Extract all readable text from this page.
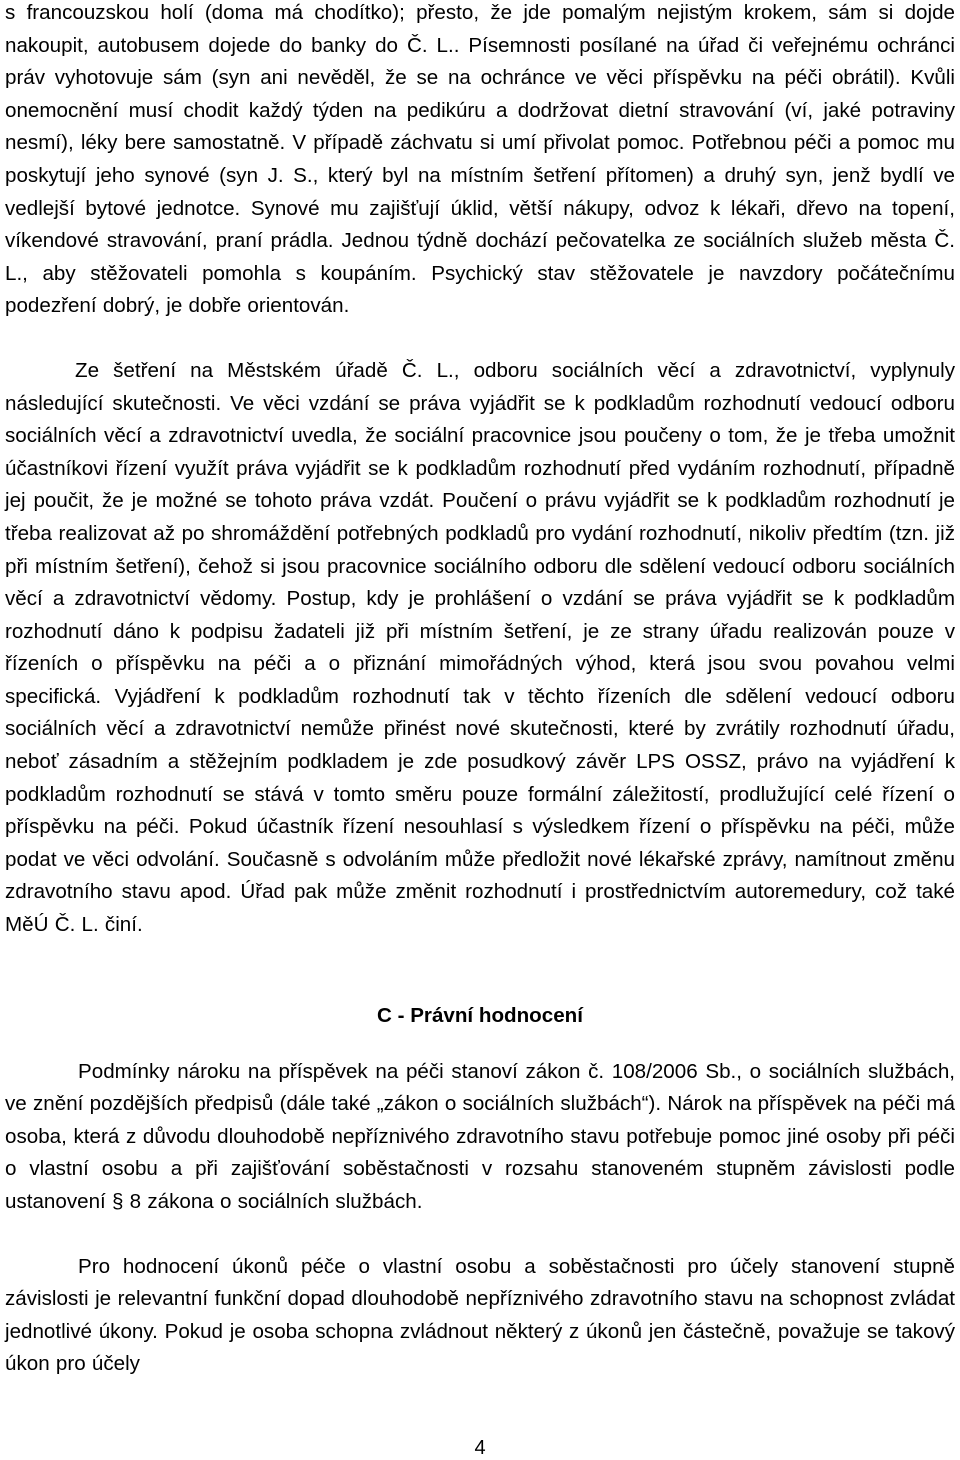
s francouzskou holí (doma má chodítko); přesto, že jde pomalým nejistým krokem, sám si dojde nakoupit, autobusem dojede do banky do Č. L.. Písemnosti posílané na úřad či veřejnému ochránci práv vyhotovuje sám (syn ani nevěděl, že se na ochránce ve věci příspěvku na péči obrátil). Kvůli onemocnění musí chodit každý týden na pedikúru a dodržovat dietní stravování (ví, jaké potraviny nesmí), léky bere samostatně. V případě záchvatu si umí přivolat pomoc. Potřebnou péči a pomoc mu poskytují jeho synové (syn J. S., který byl na místním šetření přítomen) a druhý syn, jenž bydlí ve vedlejší bytové jednotce. Synové mu zajišťují úklid, větší nákupy, odvoz k lékaři, dřevo na topení, víkendové stravování, praní prádla. Jednou týdně dochází pečovatelka ze sociálních služeb města Č. L., aby stěžovateli pomohla s koupáním. Psychický stav stěžovatele je navzdory počátečnímu podezření dobrý, je dobře orientován.

Ze šetření na Městském úřadě Č. L., odboru sociálních věcí a zdravotnictví, vyplynuly následující skutečnosti. Ve věci vzdání se práva vyjádřit se k podkladům rozhodnutí vedoucí odboru sociálních věcí a zdravotnictví uvedla, že sociální pracovnice jsou poučeny o tom, že je třeba umožnit účastníkovi řízení využít práva vyjádřit se k podkladům rozhodnutí před vydáním rozhodnutí, případně jej poučit, že je možné se tohoto práva vzdát. Poučení o právu vyjádřit se k podkladům rozhodnutí je třeba realizovat až po shromáždění potřebných podkladů pro vydání rozhodnutí, nikoliv předtím (tzn. již při místním šetření), čehož si jsou pracovnice sociálního odboru dle sdělení vedoucí odboru sociálních věcí a zdravotnictví vědomy. Postup, kdy je prohlášení o vzdání se práva vyjádřit se k podkladům rozhodnutí dáno k podpisu žadateli již při místním šetření, je ze strany úřadu realizován pouze v řízeních o příspěvku na péči a o přiznání mimořádných výhod, která jsou svou povahou velmi specifická. Vyjádření k podkladům rozhodnutí tak v těchto řízeních dle sdělení vedoucí odboru sociálních věcí a zdravotnictví nemůže přinést nové skutečnosti, které by zvrátily rozhodnutí úřadu, neboť zásadním a stěžejním podkladem je zde posudkový závěr LPS OSSZ, právo na vyjádření k podkladům rozhodnutí se stává v tomto směru pouze formální záležitostí, prodlužující celé řízení o příspěvku na péči. Pokud účastník řízení nesouhlasí s výsledkem řízení o příspěvku na péči, může podat ve věci odvolání. Současně s odvoláním může předložit nové lékařské zprávy, namítnout změnu zdravotního stavu apod. Úřad pak může změnit rozhodnutí i prostřednictvím autoremedury, což také MěÚ Č. L. činí.

C - Právní hodnocení

Podmínky nároku na příspěvek na péči stanoví zákon č. 108/2006 Sb., o sociálních službách, ve znění pozdějších předpisů (dále také „zákon o sociálních službách“). Nárok na příspěvek na péči má osoba, která z důvodu dlouhodobě nepříznivého zdravotního stavu potřebuje pomoc jiné osoby při péči o vlastní osobu a při zajišťování soběstačnosti v rozsahu stanoveném stupněm závislosti podle ustanovení § 8 zákona o sociálních službách.

Pro hodnocení úkonů péče o vlastní osobu a soběstačnosti pro účely stanovení stupně závislosti je relevantní funkční dopad dlouhodobě nepříznivého zdravotního stavu na schopnost zvládat jednotlivé úkony. Pokud je osoba schopna zvládnout některý z úkonů jen částečně, považuje se takový úkon pro účely

4
